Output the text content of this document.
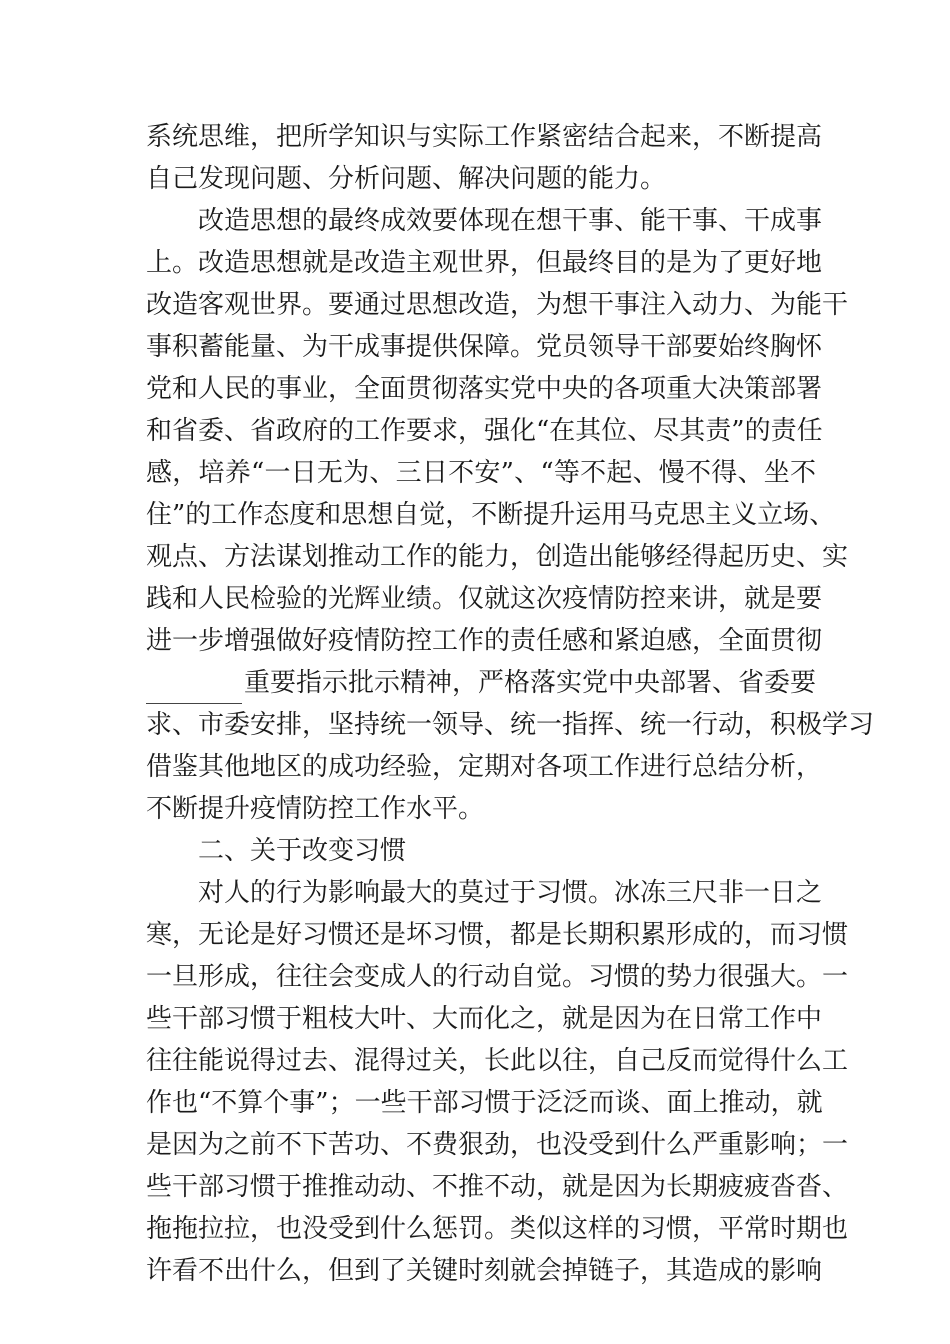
系统思维，把所学知识与实际工作紧密结合起来，不断提高
自己发现问题、分析问题、解决问题的能力。
改造思想的最终成效要体现在想干事、能干事、干成事
上。改造思想就是改造主观世界，但最终目的是为了更好地
改造客观世界。要通过思想改造，为想干事注入动力、为能干
事积蓄能量、为干成事提供保障。党员领导干部要始终胸怀
党和人民的事业，全面贯彻落实党中央的各项重大决策部署
和省委、省政府的工作要求，强化“在其位、尽其责”的责任
感，培养“一日无为、三日不安”、“等不起、慢不得、坐不
住”的工作态度和思想自觉，不断提升运用马克思主义立场、
观点、方法谋划推动工作的能力，创造出能够经得起历史、实
践和人民检验的光辉业绩。仅就这次疫情防控来讲，就是要
进一步增强做好疫情防控工作的责任感和紧迫感，全面贯彻
重要指示批示精神，严格落实党中央部署、省委要
求、市委安排，坚持统一领导、统一指挥、统一行动，积极学习
借鉴其他地区的成功经验，定期对各项工作进行总结分析，
不断提升疫情防控工作水平。
二、关于改变习惯
对人的行为影响最大的莫过于习惯。冰冻三尺非一日之
寒，无论是好习惯还是坏习惯，都是长期积累形成的，而习惯
一旦形成，往往会变成人的行动自觉。习惯的势力很强大。一
些干部习惯于粗枝大叶、大而化之，就是因为在日常工作中
往往能说得过去、混得过关，长此以往，自己反而觉得什么工
作也“不算个事”；一些干部习惯于泛泛而谈、面上推动，就
是因为之前不下苦功、不费狠劲，也没受到什么严重影响；一
些干部习惯于推推动动、不推不动，就是因为长期疲疲沓沓、
拖拖拉拉，也没受到什么惩罚。类似这样的习惯，平常时期也
许看不出什么，但到了关键时刻就会掉链子，其造成的影响
